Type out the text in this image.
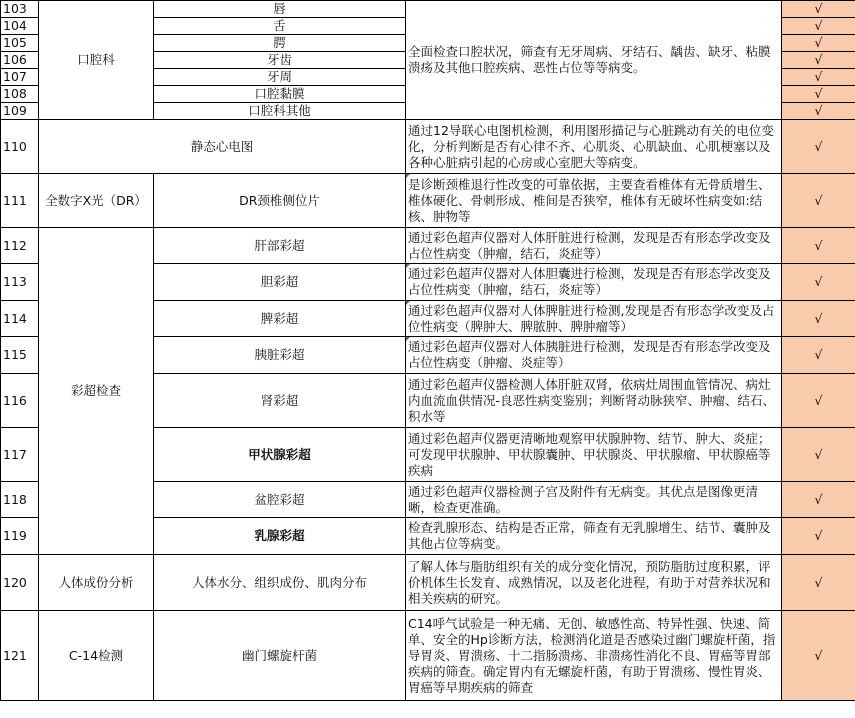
103	口腔科	唇	全面检查口腔状况，筛查有无牙周病、牙结石、龋齿、缺牙、粘膜溃疡及其他口腔疾病、恶性占位等等病变。	√
104		舌		√
105		腭		√
106		牙齿		√
107		牙周		√
108		口腔黏膜		√
109		口腔科其他		√
110	静态心电图		通过12导联心电图机检测，利用图形描记与心脏跳动有关的电位变化，分析判断是否有心律不齐、心肌炎、心肌缺血、心肌梗塞以及各种心脏病引起的心房或心室肥大等病变。	√
111	全数字X光（DR）	DR颈椎侧位片	是诊断颈椎退行性改变的可靠依据，主要查看椎体有无骨质增生、椎体硬化、骨刺形成、椎间是否狭窄，椎体有无破坏性病变如:结核、肿物等	√
112	彩超检查	肝部彩超	通过彩色超声仪器对人体肝脏进行检测，发现是否有形态学改变及占位性病变（肿瘤，结石，炎症等）	√
113		胆彩超	通过彩色超声仪器对人体胆囊进行检测，发现是否有形态学改变及占位性病变（肿瘤，结石，炎症等）	√
114		脾彩超	通过彩色超声仪器对人体脾脏进行检测,发现是否有形态学改变及占位性病变（脾肿大、脾脓肿、脾肿瘤等）	√
115		胰脏彩超	通过彩色超声仪器对人体胰脏进行检测，发现是否有形态学改变及占位性病变（肿瘤、炎症等）	√
116		肾彩超	通过彩色超声仪器检测人体肝脏双肾，依病灶周围血管情况、病灶内血流血供情况-良恶性病变鉴别；判断肾动脉狭窄、肿瘤、结石、积水等	√
117		甲状腺彩超	通过彩色超声仪器更清晰地观察甲状腺肿物、结节、肿大、炎症；可发现甲状腺肿、甲状腺囊肿、甲状腺炎、甲状腺瘤、甲状腺癌等疾病	√
118		盆腔彩超	通过彩色超声仪器检测子宫及附件有无病变。其优点是图像更清晰，检查更准确。	√
119		乳腺彩超	检查乳腺形态、结构是否正常，筛查有无乳腺增生、结节、囊肿及其他占位等病变。	√
120	人体成份分析	人体水分、组织成份、肌肉分布	了解人体与脂肪组织有关的成分变化情况，预防脂肪过度积累，评价机体生长发育、成熟情况，以及老化进程，有助于对营养状况和相关疾病的研究。	√
121	C-14检测	幽门螺旋杆菌	C14呼气试验是一种无痛、无创、敏感性高、特异性强、快速、简单、安全的Hp诊断方法，检测消化道是否感染过幽门螺旋杆菌，指导胃炎、胃溃疡、十二指肠溃疡、非溃疡性消化不良、胃癌等胃部疾病的筛查。确定胃内有无螺旋杆菌，有助于胃溃疡、慢性胃炎、胃癌等早期疾病的筛查	√
